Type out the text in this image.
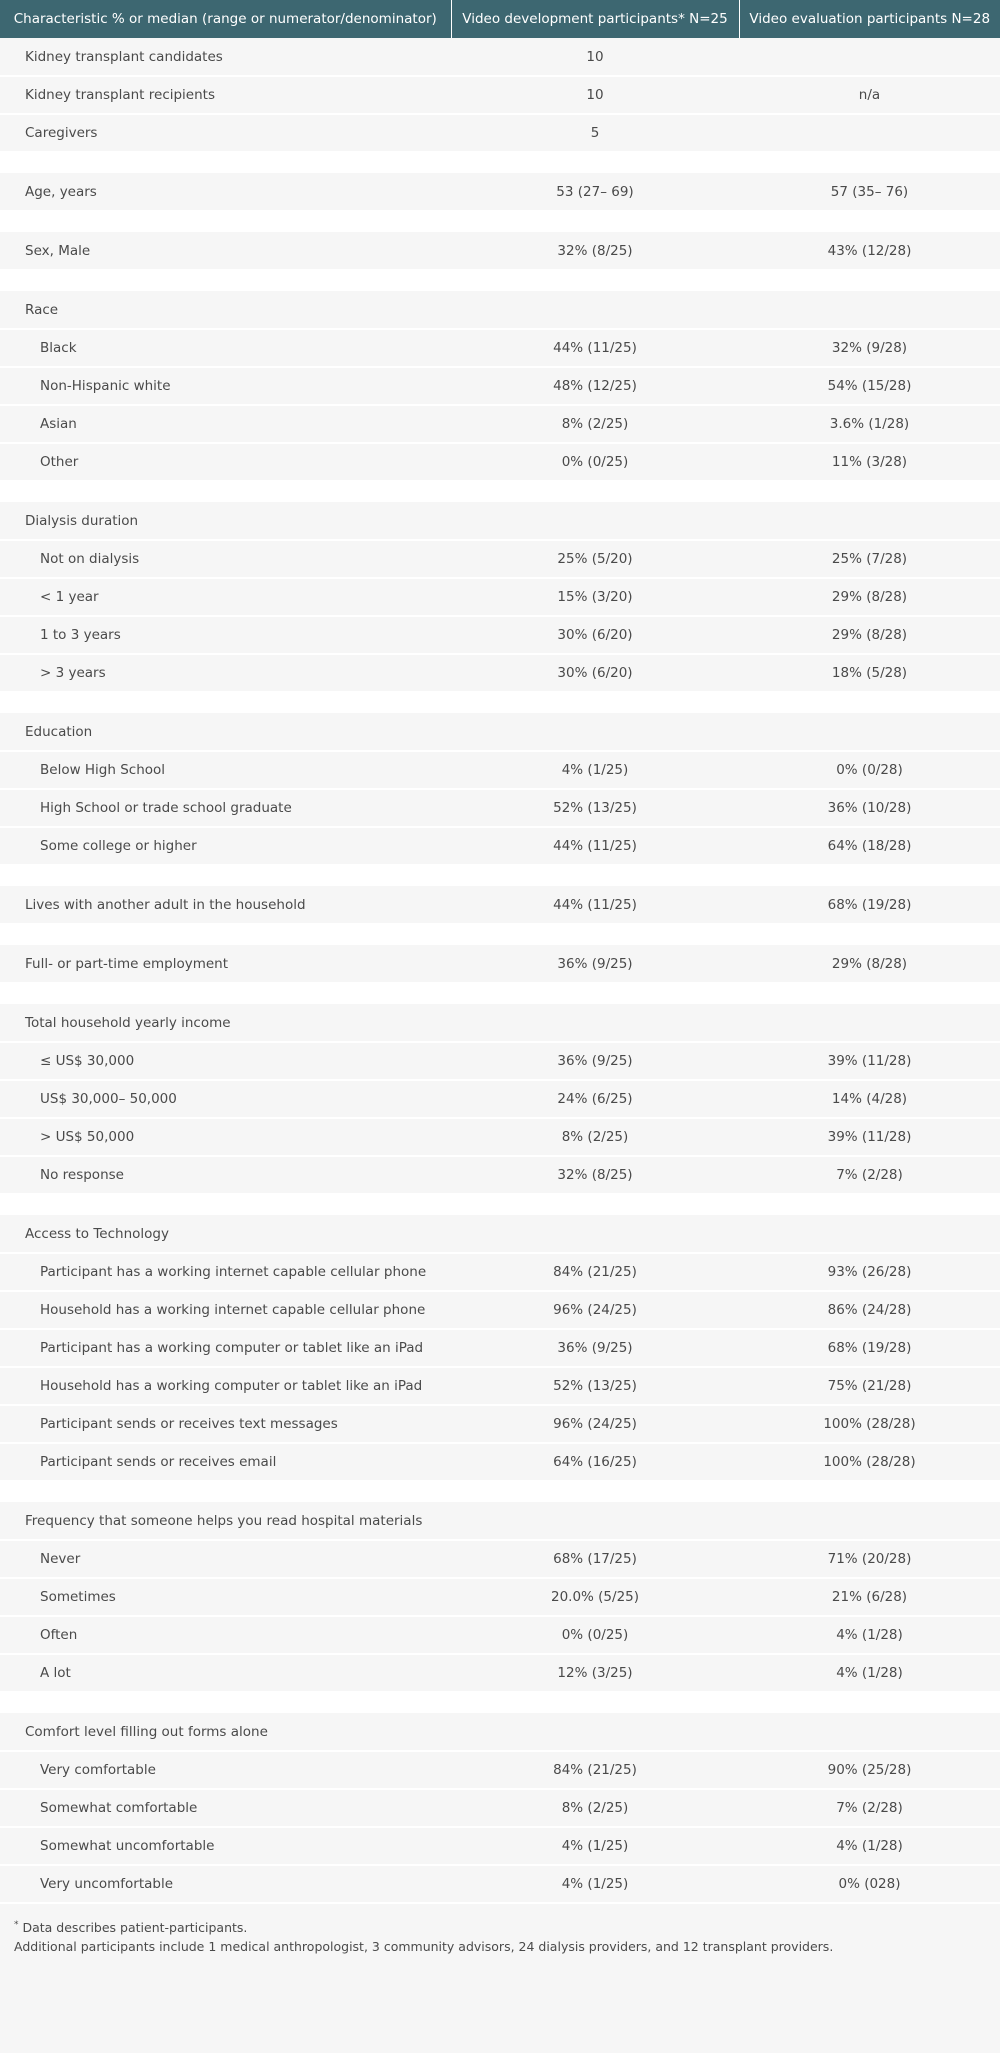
Characteristic % or median (range or numerator/denominator)	Video development participants* N=25	Video evaluation participants N=28
Kidney transplant candidates	10	
Kidney transplant recipients	10	n/a
Caregivers	5	

Age, years	53 (27– 69)	57 (35– 76)

Sex, Male	32% (8/25)	43% (12/28)

Race		
Black	44% (11/25)	32% (9/28)
Non-Hispanic white	48% (12/25)	54% (15/28)
Asian	8% (2/25)	3.6% (1/28)
Other	0% (0/25)	11% (3/28)

Dialysis duration		
Not on dialysis	25% (5/20)	25% (7/28)
< 1 year	15% (3/20)	29% (8/28)
1 to 3 years	30% (6/20)	29% (8/28)
> 3 years	30% (6/20)	18% (5/28)

Education		
Below High School	4% (1/25)	0% (0/28)
High School or trade school graduate	52% (13/25)	36% (10/28)
Some college or higher	44% (11/25)	64% (18/28)

Lives with another adult in the household	44% (11/25)	68% (19/28)

Full- or part-time employment	36% (9/25)	29% (8/28)

Total household yearly income		
≤ US$ 30,000	36% (9/25)	39% (11/28)
US$ 30,000– 50,000	24% (6/25)	14% (4/28)
> US$ 50,000	8% (2/25)	39% (11/28)
No response	32% (8/25)	7% (2/28)

Access to Technology		
Participant has a working internet capable cellular phone	84% (21/25)	93% (26/28)
Household has a working internet capable cellular phone	96% (24/25)	86% (24/28)
Participant has a working computer or tablet like an iPad	36% (9/25)	68% (19/28)
Household has a working computer or tablet like an iPad	52% (13/25)	75% (21/28)
Participant sends or receives text messages	96% (24/25)	100% (28/28)
Participant sends or receives email	64% (16/25)	100% (28/28)

Frequency that someone helps you read hospital materials		
Never	68% (17/25)	71% (20/28)
Sometimes	20.0% (5/25)	21% (6/28)
Often	0% (0/25)	4% (1/28)
A lot	12% (3/25)	4% (1/28)

Comfort level filling out forms alone		
Very comfortable	84% (21/25)	90% (25/28)
Somewhat comfortable	8% (2/25)	7% (2/28)
Somewhat uncomfortable	4% (1/25)	4% (1/28)
Very uncomfortable	4% (1/25)	0% (028)
* Data describes patient-participants.
Additional participants include 1 medical anthropologist, 3 community advisors, 24 dialysis providers, and 12 transplant providers.
